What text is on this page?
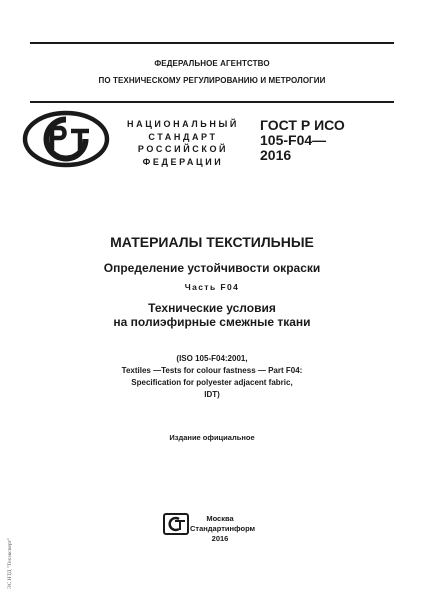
ФЕДЕРАЛЬНОЕ АГЕНТСТВО
ПО ТЕХНИЧЕСКОМУ РЕГУЛИРОВАНИЮ И МЕТРОЛОГИИ
НАЦИОНАЛЬНЫЙ
СТАНДАРТ
РОССИЙСКОЙ
ФЕДЕРАЦИИ
ГОСТ Р ИСО
105-F04—
2016
МАТЕРИАЛЫ ТЕКСТИЛЬНЫЕ
Определение устойчивости окраски
Часть F04
Технические условия
на полиэфирные смежные ткани
(ISO 105-F04:2001,
Textiles —Tests for colour fastness — Part F04:
Specification for polyester adjacent fabric,
IDT)
Издание официальное
Москва
Стандартинформ
2016
ЭС НТД "Техэксперт"
